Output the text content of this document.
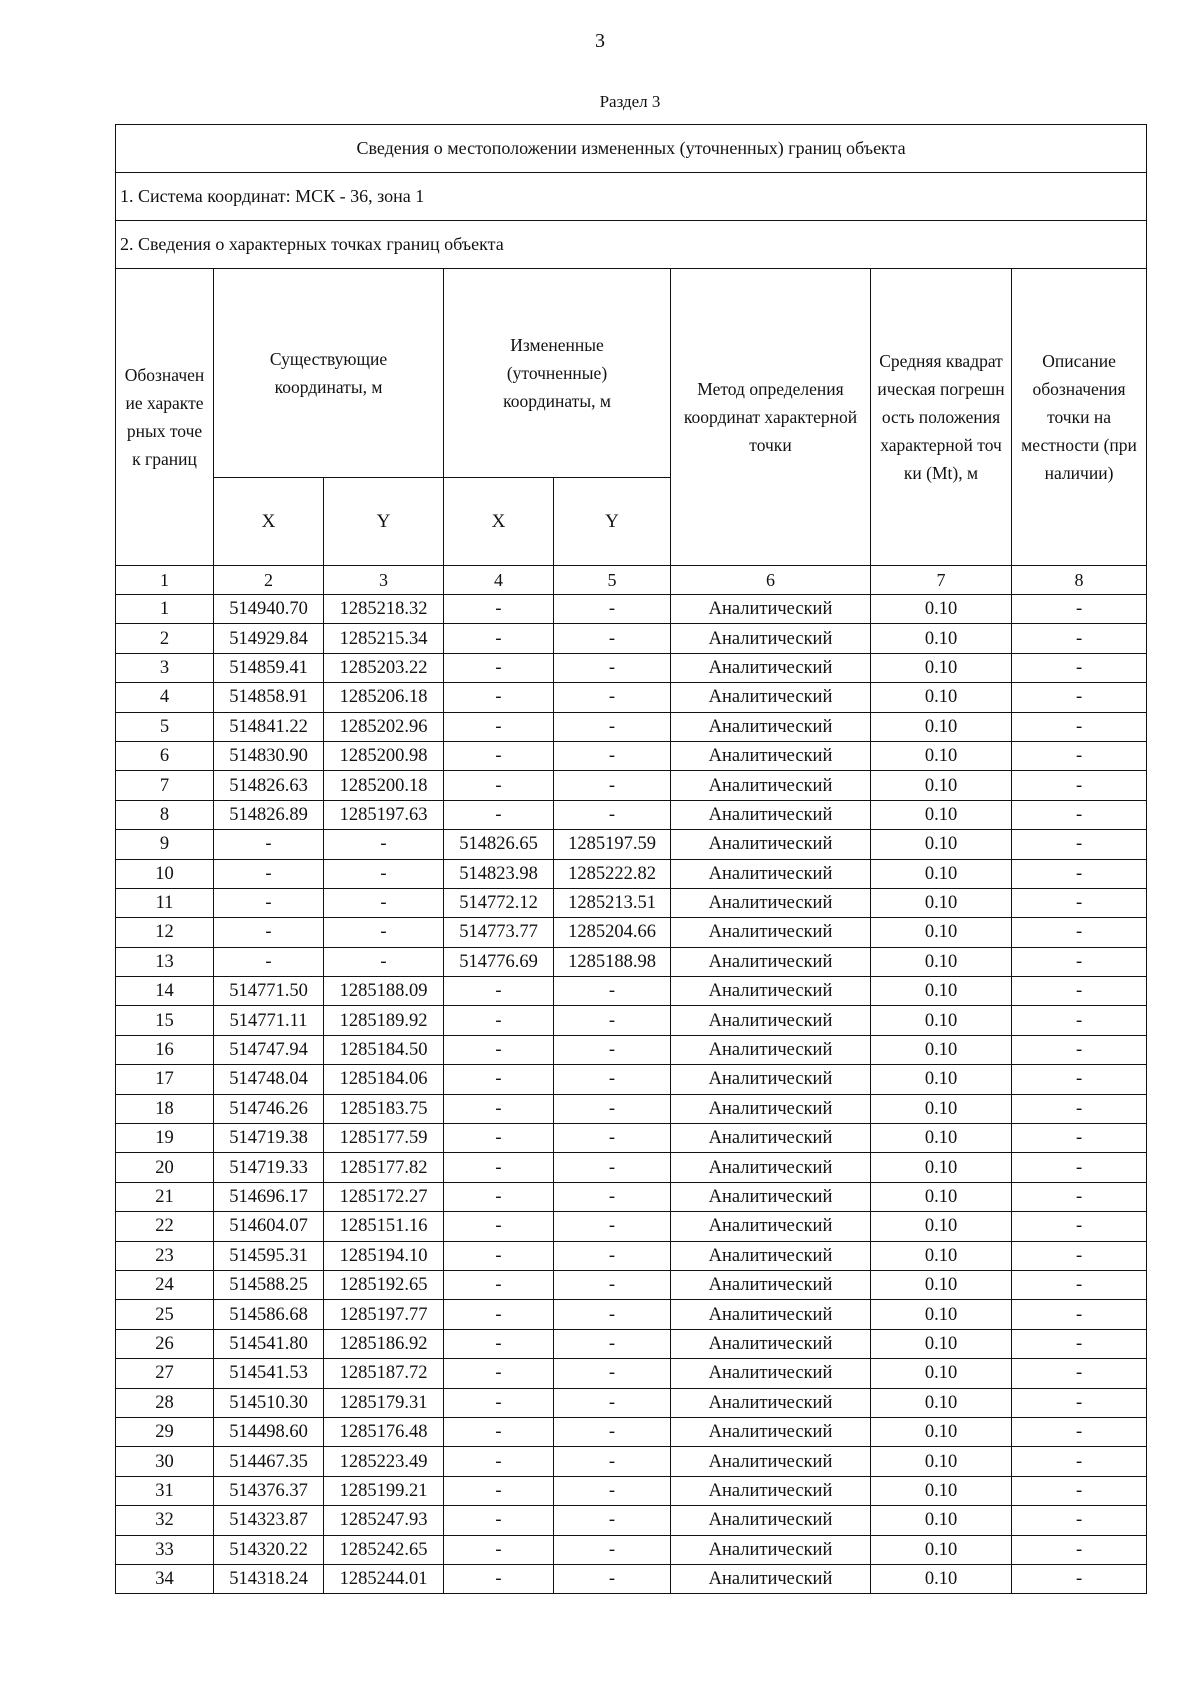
3
Раздел 3
Сведения о местоположении измененных (уточненных) границ объекта							
1. Система координат: МСК - 36, зона 1							
2. Сведения о характерных точках границ объекта							

Обозначение характерных точек границ	Существующие координаты, м		Измененные (уточненные) координаты, м		Метод определения координат характерной точки	Средняя квадратическая погрешность положения характерной точки (Mt), м	Описание обозначения точки на местности (при наличии)

	X	Y	X	Y			
1	2	3	4	5	6	7	8
1	514940.70	1285218.32	-	-	Аналитический	0.10	-
2	514929.84	1285215.34	-	-	Аналитический	0.10	-
3	514859.41	1285203.22	-	-	Аналитический	0.10	-
4	514858.91	1285206.18	-	-	Аналитический	0.10	-
5	514841.22	1285202.96	-	-	Аналитический	0.10	-
6	514830.90	1285200.98	-	-	Аналитический	0.10	-
7	514826.63	1285200.18	-	-	Аналитический	0.10	-
8	514826.89	1285197.63	-	-	Аналитический	0.10	-
9	-	-	514826.65	1285197.59	Аналитический	0.10	-
10	-	-	514823.98	1285222.82	Аналитический	0.10	-
11	-	-	514772.12	1285213.51	Аналитический	0.10	-
12	-	-	514773.77	1285204.66	Аналитический	0.10	-
13	-	-	514776.69	1285188.98	Аналитический	0.10	-
14	514771.50	1285188.09	-	-	Аналитический	0.10	-
15	514771.11	1285189.92	-	-	Аналитический	0.10	-
16	514747.94	1285184.50	-	-	Аналитический	0.10	-
17	514748.04	1285184.06	-	-	Аналитический	0.10	-
18	514746.26	1285183.75	-	-	Аналитический	0.10	-
19	514719.38	1285177.59	-	-	Аналитический	0.10	-
20	514719.33	1285177.82	-	-	Аналитический	0.10	-
21	514696.17	1285172.27	-	-	Аналитический	0.10	-
22	514604.07	1285151.16	-	-	Аналитический	0.10	-
23	514595.31	1285194.10	-	-	Аналитический	0.10	-
24	514588.25	1285192.65	-	-	Аналитический	0.10	-
25	514586.68	1285197.77	-	-	Аналитический	0.10	-
26	514541.80	1285186.92	-	-	Аналитический	0.10	-
27	514541.53	1285187.72	-	-	Аналитический	0.10	-
28	514510.30	1285179.31	-	-	Аналитический	0.10	-
29	514498.60	1285176.48	-	-	Аналитический	0.10	-
30	514467.35	1285223.49	-	-	Аналитический	0.10	-
31	514376.37	1285199.21	-	-	Аналитический	0.10	-
32	514323.87	1285247.93	-	-	Аналитический	0.10	-
33	514320.22	1285242.65	-	-	Аналитический	0.10	-
34	514318.24	1285244.01	-	-	Аналитический	0.10	-
